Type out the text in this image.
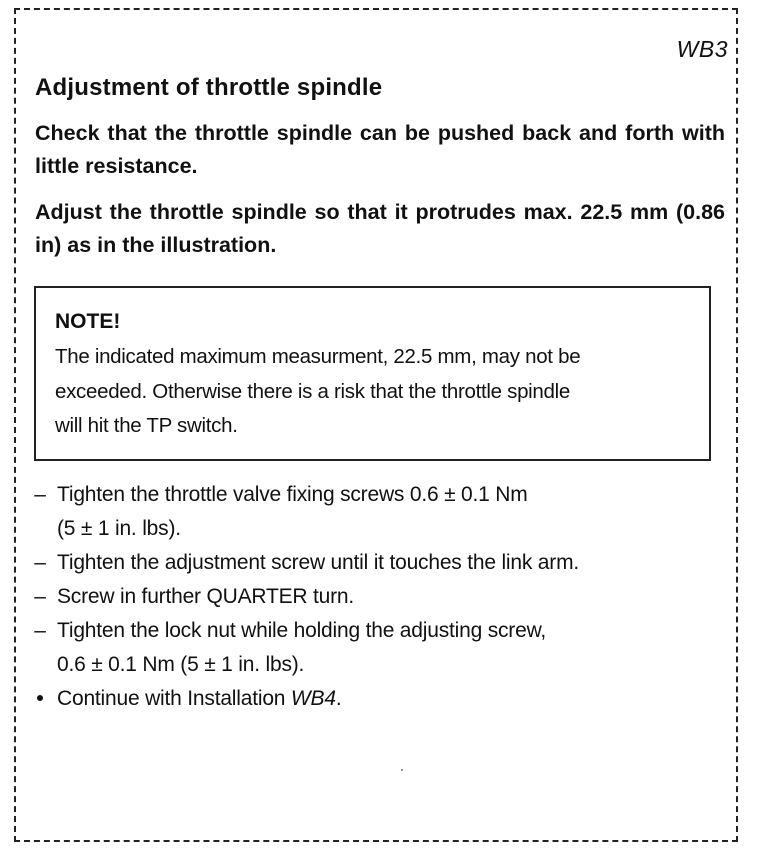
WB3
Adjustment of throttle spindle

Check that the throttle spindle can be pushed back and forth with little resistance.

Adjust the throttle spindle so that it protrudes max. 22.5 mm (0.86 in) as in the illustration.

NOTE!
The indicated maximum measurment, 22.5 mm, may not be
exceeded. Otherwise there is a risk that the throttle spindle
will hit the TP switch.
– Tighten the throttle valve fixing screws 0.6 ± 0.1 Nm
(5 ± 1 in. lbs).
– Tighten the adjustment screw until it touches the link arm.
– Screw in further QUARTER turn.
– Tighten the lock nut while holding the adjusting screw,
0.6 ± 0.1 Nm (5 ± 1 in. lbs).
Continue with Installation WB4.
